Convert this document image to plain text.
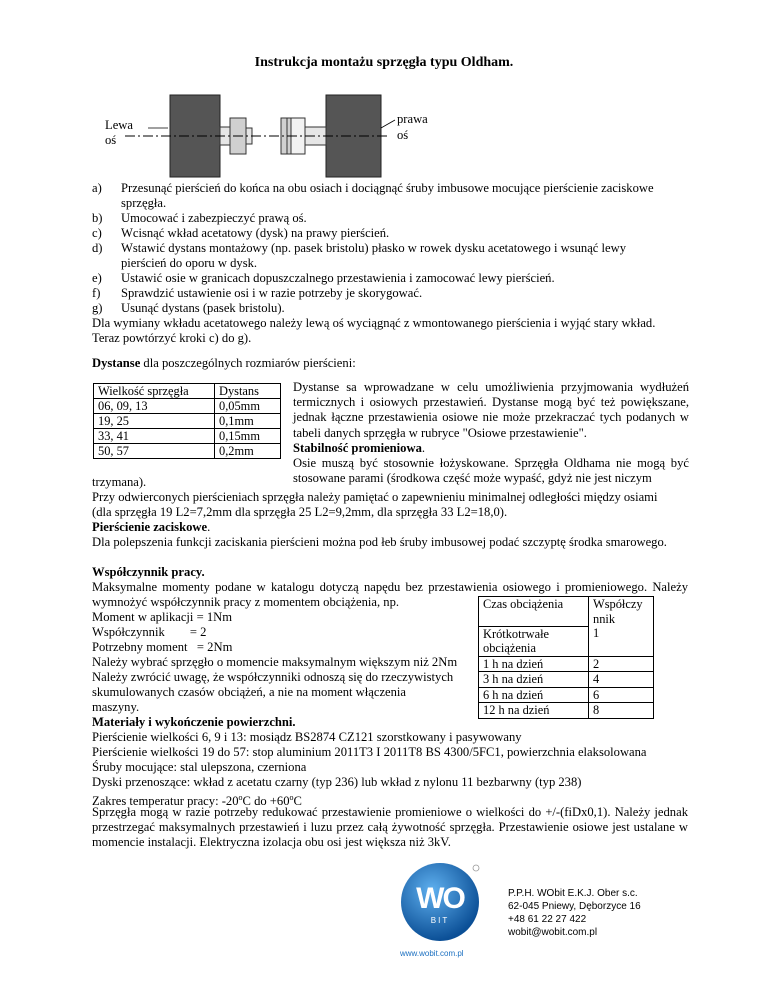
Instrukcja montażu sprzęgła typu Oldham.
Lewa oś
prawa
oś
a) Przesunąć pierścień do końca na obu osiach i dociągnąć śruby imbusowe mocujące pierścienie zaciskowe
sprzęgła.
b) Umocować i zabezpieczyć prawą oś.
c) Wcisnąć wkład acetatowy (dysk) na prawy pierścień.
d) Wstawić dystans montażowy (np. pasek bristolu) płasko w rowek dysku acetatowego i wsunąć lewy
pierścień do oporu w dysk.
e) Ustawić osie w granicach dopuszczalnego przestawienia i zamocować lewy pierścień.
f) Sprawdzić ustawienie osi i w razie potrzeby je skorygować.
g) Usunąć dystans (pasek bristolu).
Dla wymiany wkładu acetatowego należy lewą oś wyciągnąć z wmontowanego pierścienia i wyjąć stary wkład.
Teraz powtórzyć kroki c) do g).
Dystanse dla poszczególnych rozmiarów pierścieni:
Wielkość sprzęgła	Dystans
06, 09, 13	0,05mm
19, 25	0,1mm
33, 41	0,15mm
50, 57	0,2mm
Dystanse sa wprowadzane w celu umożliwienia przyjmowania wydłużeń termicznych i osiowych przestawień. Dystanse mogą być też powiększane, jednak łączne przestawienia osiowe nie może przekraczać tych podanych w tabeli danych sprzęgła w rubryce "Osiowe przestawienie".
Stabilność promieniowa.
Osie muszą być stosownie łożyskowane. Sprzęgła Oldhama nie mogą być stosowane parami (środkowa część może wypaść, gdyż nie jest niczym
trzymana).
Przy odwierconych pierścieniach sprzęgła należy pamiętać o zapewnieniu minimalnej odległości między osiami
(dla sprzęgła 19 L2=7,2mm dla sprzęgła 25 L2=9,2mm, dla sprzęgła 33 L2=18,0).
Pierścienie zaciskowe.
Dla polepszenia funkcji zaciskania pierścieni można pod łeb śruby imbusowej podać szczyptę środka smarowego.
Współczynnik pracy.
Maksymalne momenty podane w katalogu dotyczą napędu bez przestawienia osiowego i promieniowego. Należy wymnożyć współczynnik pracy z momentem obciążenia, np.
Moment w aplikacji = 1Nm
Współczynnik        = 2
Potrzebny moment   = 2Nm
Należy wybrać sprzęgło o momencie maksymalnym większym niż 2Nm
Należy zwrócić uwagę, że współczynniki odnoszą się do rzeczywistych
skumulowanych czasów obciążeń, a nie na moment włączenia
maszyny.
Materiały i wykończenie powierzchni.
Pierścienie wielkości 6, 9 i 13: mosiądz BS2874 CZ121 szorstkowany i pasywowany
Czas obciążenia	Współczy
nnik

Krótkotrwałe
obciążenia	1
1 h na dzień	2
3 h na dzień	4
6 h na dzień	6
12 h na dzień	8
Pierścienie wielkości 19 do 57: stop aluminium 2011T3 I 2011T8 BS 4300/5FC1, powierzchnia elaksolowana
Śruby mocujące: stal ulepszona, czerniona
Dyski przenoszące: wkład z acetatu czarny (typ 236) lub wkład z nylonu 11 bezbarwny (typ 238)
Zakres temperatur pracy: -20$^o$C do $+60^oC$
Sprzęgła mogą w razie potrzeby redukować przestawienie promieniowe o wielkości do +/-(fiDx0,1). Należy jednak przestrzegać maksymalnych przestawień i luzu przez całą żywotność sprzęgła. Przestawienie osiowe jest ustalane w momencie instalacji. Elektryczna izolacja obu osi jest większa niż 3kV.
WO
BIT
www.wobit.com.pl
P.P.H. WObit E.K.J. Ober s.c.
62-045 Pniewy, Dęborzyce 16
+48 61 22 27 422
wobit@wobit.com.pl
